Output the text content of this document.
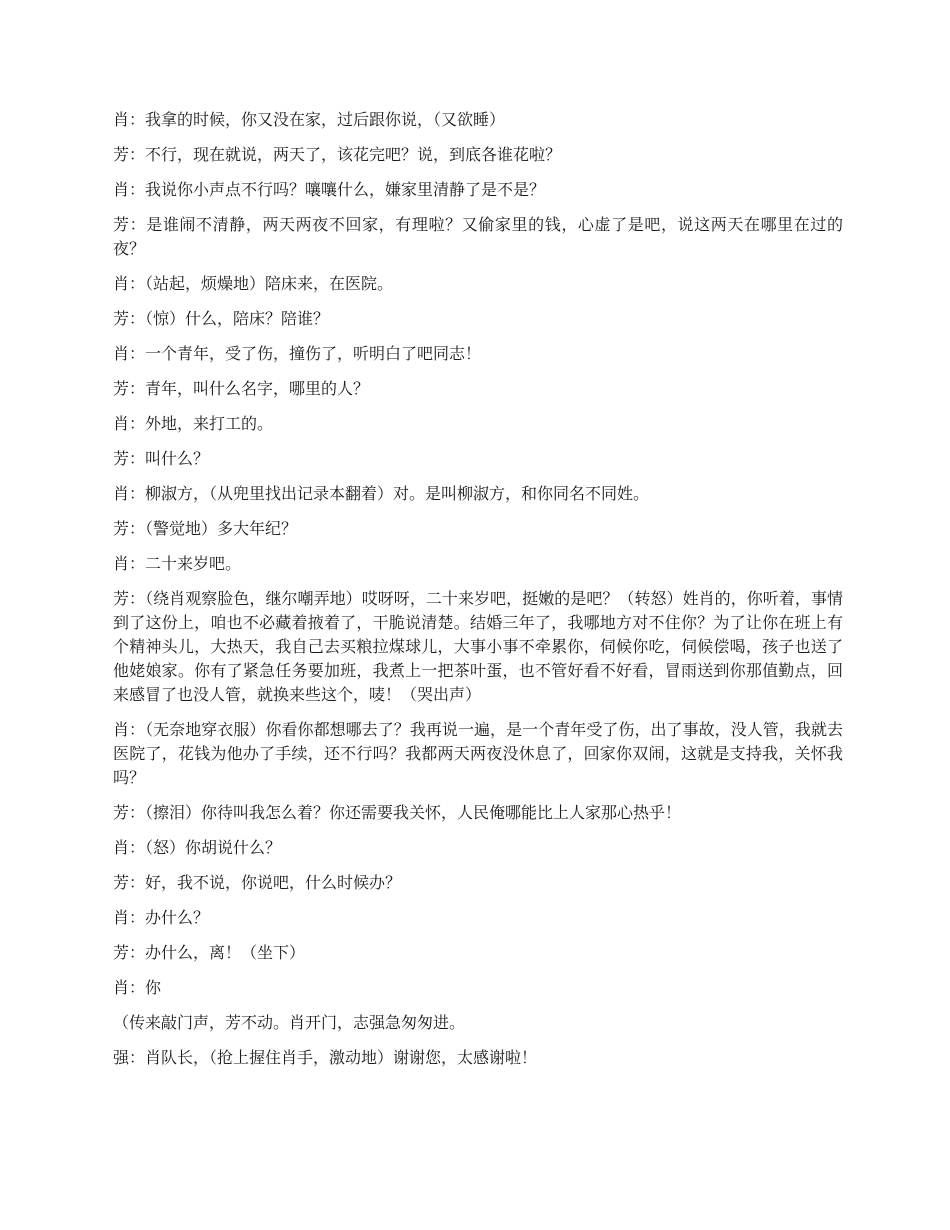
肖：我拿的时候，你又没在家，过后跟你说，（又欲睡）

芳：不行，现在就说，两天了，该花完吧？说，到底各谁花啦？

肖：我说你小声点不行吗？嚷嚷什么，嫌家里清静了是不是？

芳：是谁闹不清静，两天两夜不回家，有理啦？又偷家里的钱，心虚了是吧，说这两天在哪里在过的夜？

肖：（站起，烦燥地）陪床来，在医院。

芳：（惊）什么，陪床？陪谁？

肖：一个青年，受了伤，撞伤了，听明白了吧同志！

芳：青年，叫什么名字，哪里的人？

肖：外地，来打工的。

芳：叫什么？

肖：柳淑方，（从兜里找出记录本翻着）对。是叫柳淑方，和你同名不同姓。

芳：（警觉地）多大年纪？

肖：二十来岁吧。

芳：（绕肖观察脸色，继尔嘲弄地）哎呀呀，二十来岁吧，挺嫩的是吧？（转怒）姓肖的，你听着，事情到了这份上，咱也不必藏着掖着了，干脆说清楚。结婚三年了，我哪地方对不住你？为了让你在班上有个精神头儿，大热天，我自己去买粮拉煤球儿，大事小事不牵累你，伺候你吃，伺候偿喝，孩子也送了他姥娘家。你有了紧急任务要加班，我煮上一把茶叶蛋，也不管好看不好看，冒雨送到你那值勤点，回来感冒了也没人管，就换来些这个，唛！（哭出声）

肖：（无奈地穿衣服）你看你都想哪去了？我再说一遍，是一个青年受了伤，出了事故，没人管，我就去医院了，花钱为他办了手续，还不行吗？我都两天两夜没休息了，回家你双闹，这就是支持我，关怀我吗？

芳：（擦泪）你待叫我怎么着？你还需要我关怀，人民俺哪能比上人家那心热乎！

肖：（怒）你胡说什么？

芳：好，我不说，你说吧，什么时候办？

肖：办什么？

芳：办什么，离！（坐下）

肖：你

（传来敲门声，芳不动。肖开门，志强急匆匆进。

强：肖队长，（抢上握住肖手，激动地）谢谢您，太感谢啦！
